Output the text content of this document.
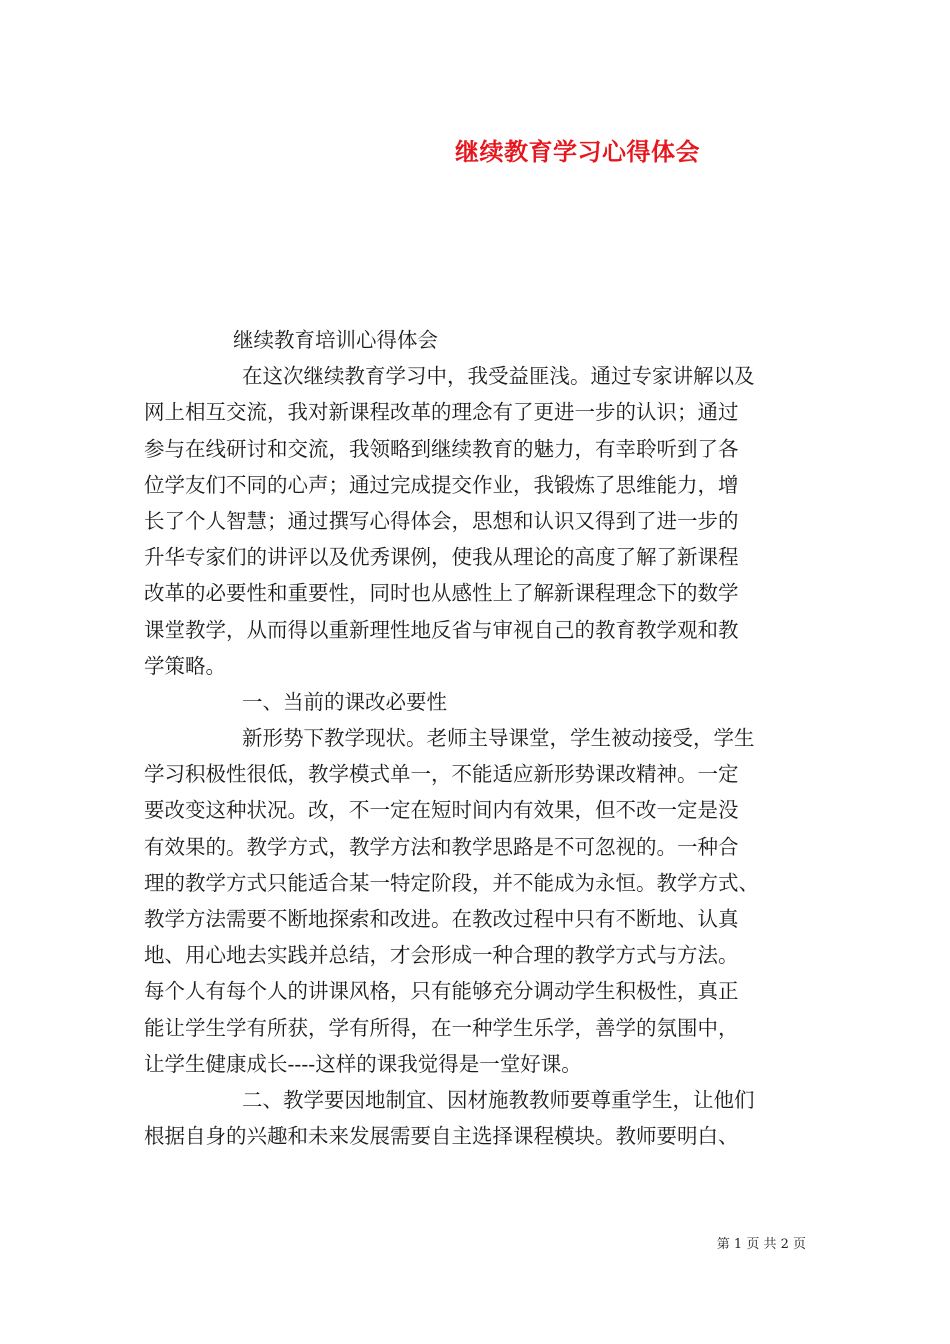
继续教育学习心得体会
继续教育培训心得体会
在这次继续教育学习中，我受益匪浅。通过专家讲解以及
网上相互交流，我对新课程改革的理念有了更进一步的认识；通过
参与在线研讨和交流，我领略到继续教育的魅力，有幸聆听到了各
位学友们不同的心声；通过完成提交作业，我锻炼了思维能力，增
长了个人智慧；通过撰写心得体会，思想和认识又得到了进一步的
升华专家们的讲评以及优秀课例，使我从理论的高度了解了新课程
改革的必要性和重要性，同时也从感性上了解新课程理念下的数学
课堂教学，从而得以重新理性地反省与审视自己的教育教学观和教
学策略。
一、当前的课改必要性
新形势下教学现状。老师主导课堂，学生被动接受，学生
学习积极性很低，教学模式单一，不能适应新形势课改精神。一定
要改变这种状况。改，不一定在短时间内有效果，但不改一定是没
有效果的。教学方式，教学方法和教学思路是不可忽视的。一种合
理的教学方式只能适合某一特定阶段，并不能成为永恒。教学方式、
教学方法需要不断地探索和改进。在教改过程中只有不断地、认真
地、用心地去实践并总结，才会形成一种合理的教学方式与方法。
每个人有每个人的讲课风格，只有能够充分调动学生积极性，真正
能让学生学有所获，学有所得，在一种学生乐学，善学的氛围中，
让学生健康成长----这样的课我觉得是一堂好课。
二、教学要因地制宜、因材施教教师要尊重学生，让他们
根据自身的兴趣和未来发展需要自主选择课程模块。教师要明白、
第 1 页 共 2 页
